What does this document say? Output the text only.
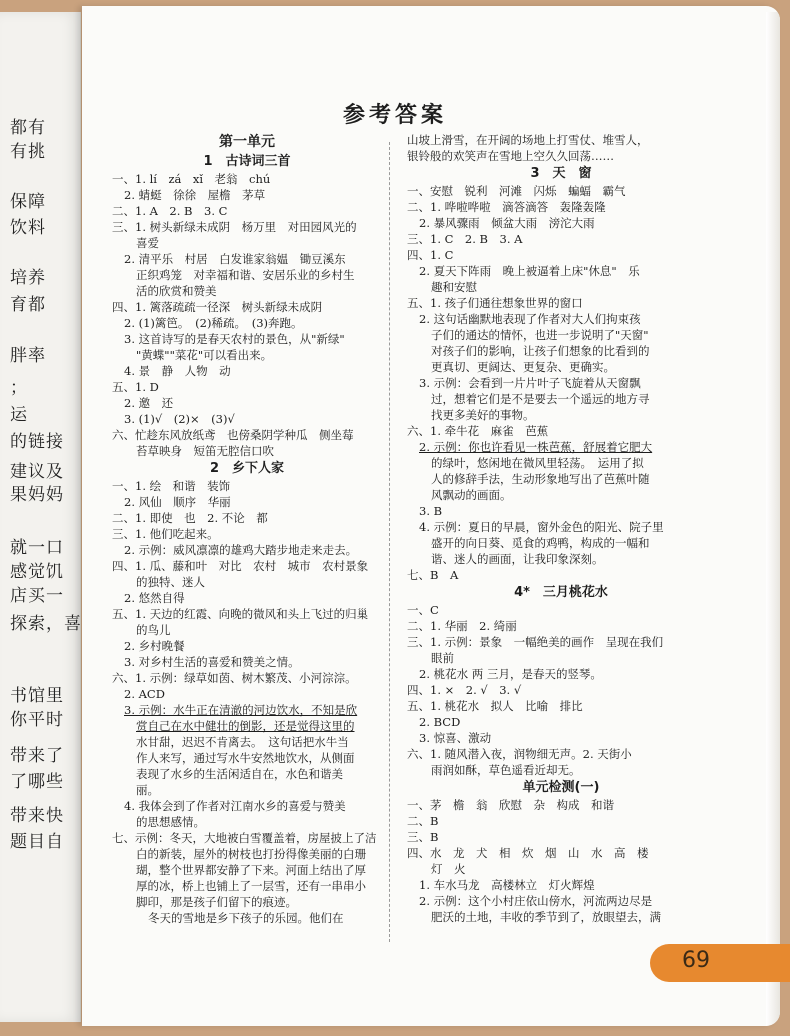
都有
有挑
保障
饮料
培养
育都
胖率
；
运
的链接
建议及
果妈妈
就一口
感觉饥
店买一
探索，喜
书馆里
你平时
带来了
了哪些
带来快
题目自
参考答案
第一单元
1　古诗词三首
一、1. lí　zá　xǐ　老翁　chú
2. 蜻蜓　徐徐　屋檐　茅草
二、1. A　2. B　3. C
三、1. 树头新绿未成阴　杨万里　对田园风光的
喜爱
2. 清平乐　村居　白发谁家翁媪　锄豆溪东
正织鸡笼　对幸福和谐、安居乐业的乡村生
活的欣赏和赞美
四、1. 篱落疏疏一径深　树头新绿未成阴
2. (1)篱笆。　(2)稀疏。　(3)奔跑。
3. 这首诗写的是春天农村的景色，从"新绿"
"黄蝶""菜花"可以看出来。
4. 景　静　人物　动
五、1. D
2. 邀　还
3. (1)√　(2)×　(3)√
六、忙趁东风放纸鸢　也傍桑阴学种瓜　侧坐莓
苔草映身　短笛无腔信口吹
2　乡下人家
一、1. 绘　和谐　装饰
2. 风仙　顺序　华丽
二、1. 即使　也　2. 不论　都
三、1. 他们吃起来。
2. 示例：威风凛凛的雄鸡大踏步地走来走去。
四、1. 瓜、藤和叶　对比　农村　城市　农村景象
的独特、迷人
2. 悠然自得
五、1. 天边的红霞、向晚的微风和头上飞过的归巢
的鸟儿
2. 乡村晚餐
3. 对乡村生活的喜爱和赞美之情。
六、1. 示例：绿草如茵、树木繁茂、小河淙淙。
2. ACD
3. 示例：水牛正在清澈的河边饮水，不知是欣
赏自己在水中健壮的倒影，还是觉得这里的
水甘甜，迟迟不肯离去。　这句话把水牛当
作人来写，通过写水牛安然地饮水，从侧面
表现了水乡的生活闲适自在，水色和谐美
丽。
4. 我体会到了作者对江南水乡的喜爱与赞美
的思想感情。
七、示例：冬天，大地被白雪覆盖着，房屋披上了洁
白的新装，屋外的树枝也打扮得像美丽的白珊
瑚，整个世界都安静了下来。河面上结出了厚
厚的冰，桥上也铺上了一层雪，还有一串串小
脚印，那是孩子们留下的痕迹。
冬天的雪地是乡下孩子的乐园。他们在
山坡上滑雪，在开阔的场地上打雪仗、堆雪人，
银铃般的欢笑声在雪地上空久久回荡……
3　天　窗
一、安慰　锐利　河滩　闪烁　蝙蝠　霸气
二、1. 哗啦哗啦　滴答滴答　轰隆轰隆
2. 暴风骤雨　倾盆大雨　滂沱大雨
三、1. C　2. B　3. A
四、1. C
2. 夏天下阵雨　晚上被逼着上床"休息"　乐
趣和安慰
五、1. 孩子们通往想象世界的窗口
2. 这句话幽默地表现了作者对大人们拘束孩
子们的通达的情怀，也进一步说明了"天窗"
对孩子们的影响，让孩子们想象的比看到的
更真切、更阔达、更复杂、更确实。
3. 示例：会看到一片片叶子飞旋着从天窗飘
过，想着它们是不是要去一个遥远的地方寻
找更多美好的事物。
六、1. 牵牛花　麻雀　芭蕉
2. 示例：你也许看见一株芭蕉，舒展着它肥大
的绿叶，悠闲地在微风里轻荡。　运用了拟
人的修辞手法，生动形象地写出了芭蕉叶随
风飘动的画面。
3. B
4. 示例：夏日的早晨，窗外金色的阳光、院子里
盛开的向日葵、觅食的鸡鸭，构成的一幅和
谐、迷人的画面，让我印象深刻。
七、B　A
4*　三月桃花水
一、C
二、1. 华丽　2. 绮丽
三、1. 示例：景象　一幅绝美的画作　呈现在我们
眼前
2. 桃花水 两 三月，是春天的竖琴。
四、1. ×　2. √　3. √
五、1. 桃花水　拟人　比喻　排比
2. BCD
3. 惊喜、激动
六、1. 随风潜入夜，润物细无声。2. 天街小
雨润如酥，草色遥看近却无。
单元检测(一)
一、茅　檐　翁　欣慰　杂　构成　和谐
二、B
三、B
四、水　龙　犬　相　炊　烟　山　水　高　楼
灯　火
1. 车水马龙　高楼林立　灯火辉煌
2. 示例：这个小村庄依山傍水，河流两边尽是
肥沃的土地，丰收的季节到了，放眼望去，满
69
